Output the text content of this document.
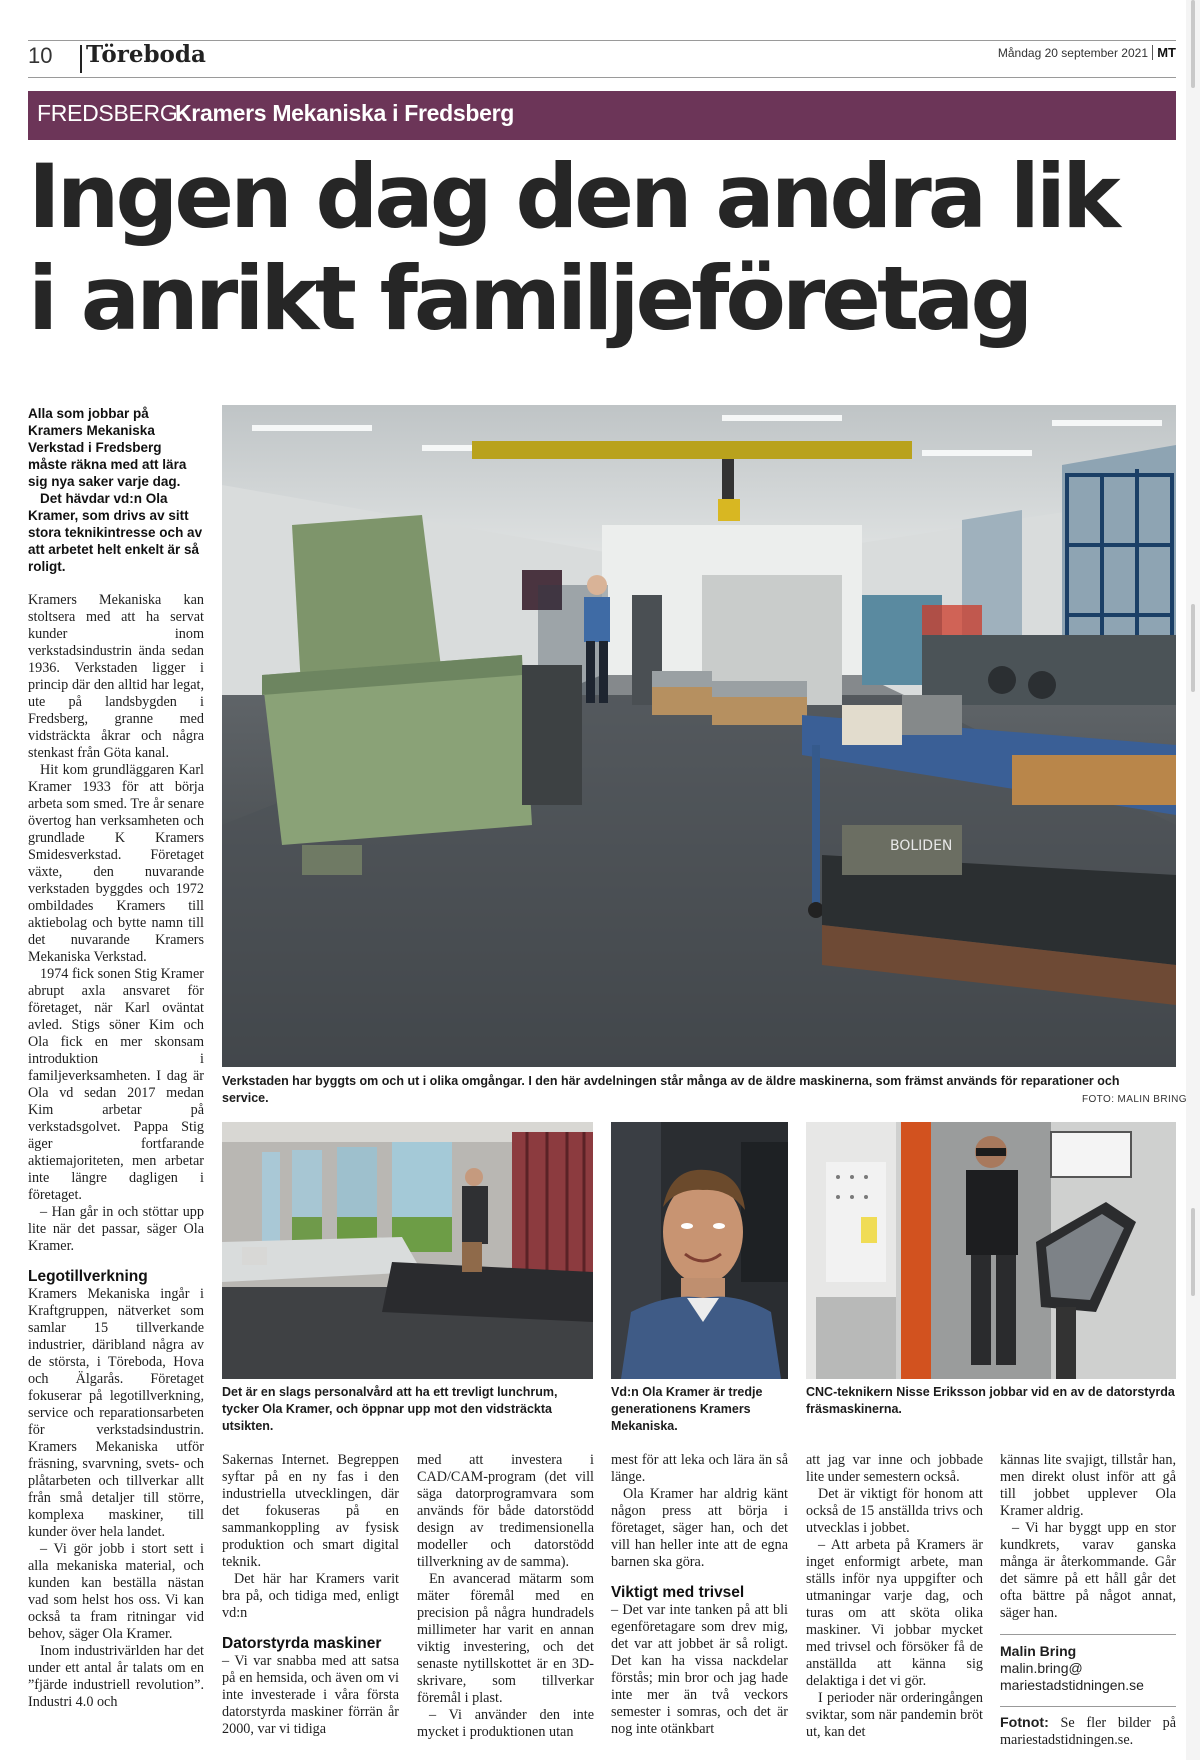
10 Töreboda	Måndag 20 september 2021 MT
FREDSBERG.
Kramers Mekaniska i Fredsberg
Ingen dag den andra lik
i anrikt familjeföretag

Alla som jobbar på Kramers Mekaniska Verkstad i Fredsberg måste räkna med att lära sig nya saker varje dag.

Det hävdar vd:n Ola Kramer, som drivs av sitt stora teknikintresse och av att arbetet helt enkelt är så roligt.

Kramers Mekaniska kan stoltsera med att ha servat kunder inom verkstadsindustrin ända sedan 1936. Verkstaden ligger i princip där den alltid har legat, ute på landsbygden i Fredsberg, granne med vidsträckta åkrar och några stenkast från Göta kanal.

Hit kom grundläggaren Karl Kramer 1933 för att börja arbeta som smed. Tre år senare övertog han verksamheten och grundlade K Kramers Smidesverkstad. Företaget växte, den nuvarande verkstaden byggdes och 1972 ombildades Kramers till aktiebolag och bytte namn till det nuvarande Kramers Mekaniska Verkstad.

1974 fick sonen Stig Kramer abrupt axla ansvaret för företaget, när Karl oväntat avled. Stigs söner Kim och Ola fick en mer skonsam introduktion i familjeverksamheten. I dag är Ola vd sedan 2017 medan Kim arbetar på verkstadsgolvet. Pappa Stig äger fortfarande aktiemajoriteten, men arbetar inte längre dagligen i företaget.

– Han går in och stöttar upp lite när det passar, säger Ola Kramer.

Legotillverkning

Kramers Mekaniska ingår i Kraftgruppen, nätverket som samlar 15 tillverkande industrier, däribland några av de största, i Töreboda, Hova och Älgarås. Företaget fokuserar på legotillverkning, service och reparationsarbeten för verkstadsindustrin. Kramers Mekaniska utför fräsning, svarvning, svets- och plåtarbeten och tillverkar allt från små detaljer till större, komplexa maskiner, till kunder över hela landet.

– Vi gör jobb i stort sett i alla mekaniska material, och kunden kan beställa nästan vad som helst hos oss. Vi kan också ta fram ritningar vid behov, säger Ola Kramer.

Inom industrivärlden har det under ett antal år talats om en ”fjärde industriell revolution”. Industri 4.0 och

BOLIDEN

Verkstaden har byggts om och ut i olika omgångar. I den här avdelningen står många av de äldre maskinerna, som främst används för reparationer och service.	FOTO: MALIN BRING

Det är en slags personalvård att ha ett trevligt lunchrum, tycker Ola Kramer, och öppnar upp mot den vidsträckta utsikten.

Vd:n Ola Kramer är tredje generationens Kramers Mekaniska.

CNC-teknikern Nisse Eriksson jobbar vid en av de datorstyrda fräsmaskinerna.

Sakernas Internet. Begreppen syftar på en ny fas i den industriella utvecklingen, där det fokuseras på en sammankoppling av fysisk produktion och smart digital teknik.

Det här har Kramers varit bra på, och tidiga med, enligt vd:n

Datorstyrda maskiner

– Vi var snabba med att satsa på en hemsida, och även om vi inte investerade i våra första datorstyrda maskiner förrän år 2000, var vi tidiga

med att investera i CAD/CAM-program (det vill säga datorprogramvara som används för både datorstödd design av tredimensionella modeller och datorstödd tillverkning av de samma).

En avancerad mätarm som mäter föremål med en precision på några hundradels millimeter har varit en annan viktig investering, och det senaste nytillskottet är en 3D-skrivare, som tillverkar föremål i plast.

– Vi använder den inte mycket i produktionen utan

mest för att leka och lära än så länge.

Ola Kramer har aldrig känt någon press att börja i företaget, säger han, och det vill han heller inte att de egna barnen ska göra.

Viktigt med trivsel

– Det var inte tanken på att bli egenföretagare som drev mig, det var att jobbet är så roligt. Det kan ha vissa nackdelar förstås; min bror och jag hade inte mer än två veckors semester i somras, och det är nog inte otänkbart

att jag var inne och jobbade lite under semestern också.

Det är viktigt för honom att också de 15 anställda trivs och utvecklas i jobbet.

– Att arbeta på Kramers är inget enformigt arbete, man ställs inför nya uppgifter och utmaningar varje dag, och turas om att sköta olika maskiner. Vi jobbar mycket med trivsel och försöker få de anställda att känna sig delaktiga i det vi gör.

I perioder när orderingången sviktar, som när pandemin bröt ut, kan det

kännas lite svajigt, tillstår han, men direkt olust inför att gå till jobbet upplever Ola Kramer aldrig.

– Vi har byggt upp en stor kundkrets, varav ganska många är återkommande. Går det sämre på ett håll går det ofta bättre på något annat, säger han.

Malin Bring

malin.bring@
mariestadstidningen.se

Fotnot: Se fler bilder på mariestadstidningen.se.
